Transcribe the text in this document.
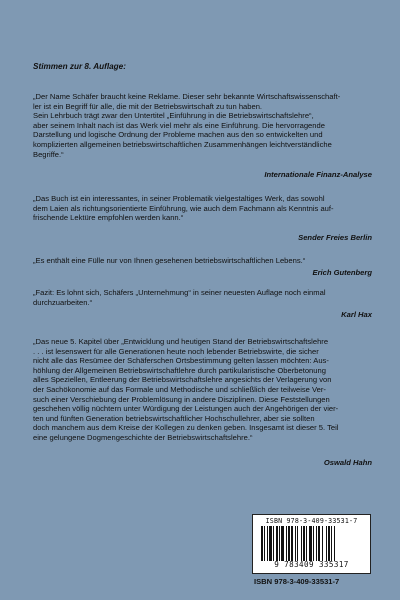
Stimmen zur 8. Auflage:
„Der Name Schäfer braucht keine Reklame. Dieser sehr bekannte Wirtschaftswissenschaft-
ler ist ein Begriff für alle, die mit der Betriebswirtschaft zu tun haben.
Sein Lehrbuch trägt zwar den Untertitel „Einführung in die Betriebswirtschaftslehre“,
aber seinem Inhalt nach ist das Werk viel mehr als eine Einführung. Die hervorragende
Darstellung und logische Ordnung der Probleme machen aus den so entwickelten und
komplizierten allgemeinen betriebswirtschaftlichen Zusammenhängen leichtverständliche
Begriffe.“
Internationale Finanz-Analyse
„Das Buch ist ein interessantes, in seiner Problematik vielgestaltiges Werk, das sowohl
dem Laien als richtungsorientierte Einführung, wie auch dem Fachmann als Kenntnis auf-
frischende Lektüre empfohlen werden kann.“
Sender Freies Berlin
„Es enthält eine Fülle nur von Ihnen gesehenen betriebswirtschaftlichen Lebens.“
Erich Gutenberg
„Fazit: Es lohnt sich, Schäfers „Unternehmung“ in seiner neuesten Auflage noch einmal
durchzuarbeiten.“
Karl Hax
„Das neue 5. Kapitel über „Entwicklung und heutigen Stand der Betriebswirtschaftslehre
. . . ist lesenswert für alle Generationen heute noch lebender Betriebswirte, die sicher
nicht alle das Resümee der Schäferschen Ortsbestimmung gelten lassen möchten: Aus-
höhlung der Allgemeinen Betriebswirtschaftlehre durch partikularistische Oberbetonung
alles Speziellen, Entleerung der Betriebswirtschaftslehre angesichts der Verlagerung von
der Sachökonomie auf das Formale und Methodische und schließlich der teilweise Ver-
such einer Verschiebung der Problemlösung in andere Disziplinen. Diese Feststellungen
geschehen völlig nüchtern unter Würdigung der Leistungen auch der Angehörigen der vier-
ten und fünften Generation betriebswirtschaftlicher Hochschullehrer, aber sie sollten
doch manchem aus dem Kreise der Kollegen zu denken geben. Insgesamt ist dieser 5. Teil
eine gelungene Dogmengeschichte der Betriebswirtschaftslehre.“
Oswald Hahn
ISBN 978-3-409-33531-7
9 783409 335317
ISBN 978-3-409-33531-7
